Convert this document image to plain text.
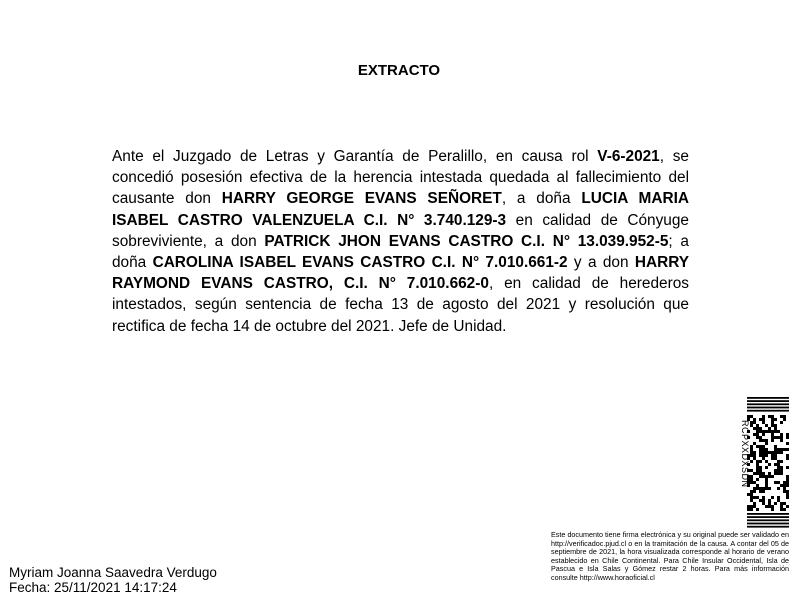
EXTRACTO
Ante el Juzgado de Letras y Garantía de Peralillo, en causa rol V-6-2021, se concedió posesión efectiva de la herencia intestada quedada al fallecimiento del causante don HARRY GEORGE EVANS SEÑORET, a doña LUCIA MARIA ISABEL CASTRO VALENZUELA C.I. N° 3.740.129-3 en calidad de Cónyuge sobreviviente, a don PATRICK JHON EVANS CASTRO C.I. N° 13.039.952-5; a doña CAROLINA ISABEL EVANS CASTRO C.I. N° 7.010.661-2 y a don HARRY RAYMOND EVANS CASTRO, C.I. N° 7.010.662-0, en calidad de herederos intestados, según sentencia de fecha 13 de agosto del 2021 y resolución que rectifica de fecha 14 de octubre del 2021. Jefe de Unidad.
RCPXXDXSDN
Este documento tiene firma electrónica y su original puede ser validado en http://verificadoc.pjud.cl o en la tramitación de la causa. A contar del 05 de septiembre de 2021, la hora visualizada corresponde al horario de verano establecido en Chile Continental. Para Chile Insular Occidental, Isla de Pascua e Isla Salas y Gómez restar 2 horas. Para más información consulte http://www.horaoficial.cl
Myriam Joanna Saavedra Verdugo
Fecha: 25/11/2021 14:17:24
